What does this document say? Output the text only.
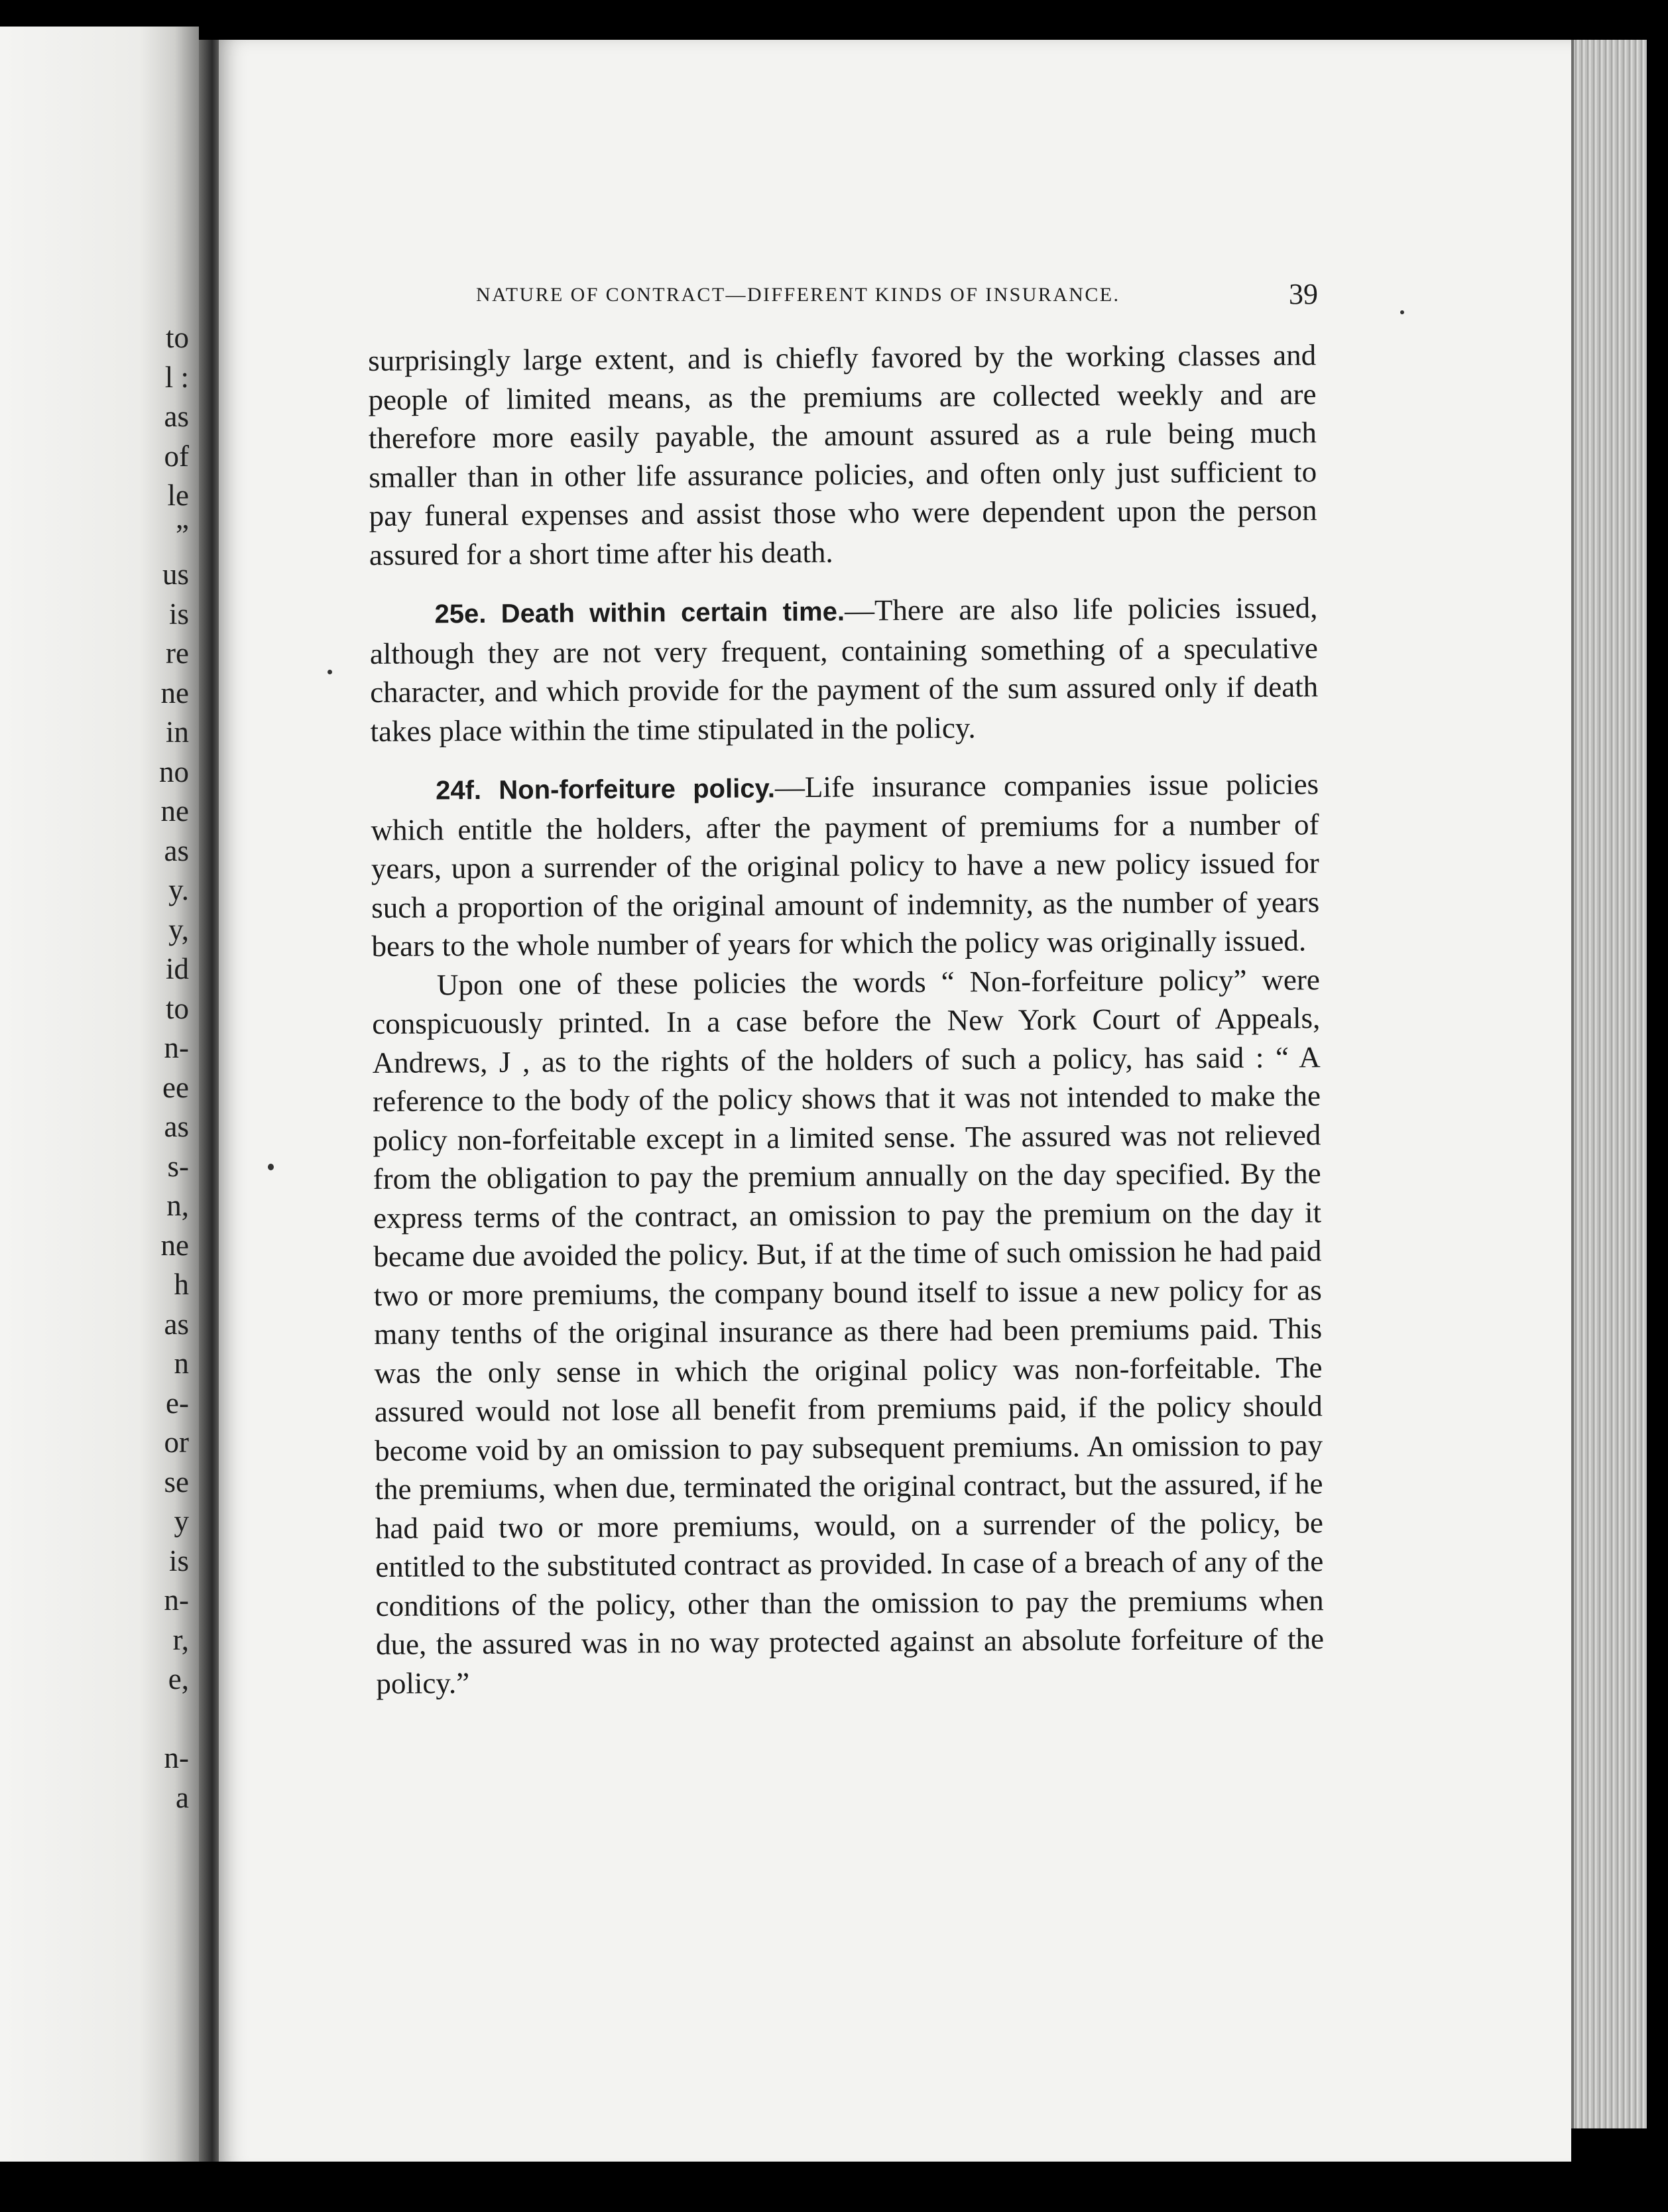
to
l :
as
of
le
”
us
is
re
ne
in
no
ne
as
y.
y,
id
to
n-
ee
as
s-
n,
ne
h
as
n
e-
or
se
y
is
n-
r,
e,
n-
a
NATURE OF CONTRACT—DIFFERENT KINDS OF INSURANCE.	39

surprisingly large extent, and is chiefly favored by the working classes and people of limited means, as the premiums are collected weekly and are therefore more easily payable, the amount assured as a rule being much smaller than in other life assurance policies, and often only just sufficient to pay funeral expenses and assist those who were dependent upon the person assured for a short time after his death.

25e. Death within certain time.—There are also life policies issued, although they are not very frequent, containing something of a speculative character, and which provide for the payment of the sum assured only if death takes place within the time stipulated in the policy.

24f. Non-forfeiture policy.—Life insurance companies issue policies which entitle the holders, after the payment of premiums for a number of years, upon a surrender of the original policy to have a new policy issued for such a proportion of the original amount of indemnity, as the number of years bears to the whole number of years for which the policy was originally issued.

Upon one of these policies the words “ Non-forfeiture policy” were conspicuously printed. In a case before the New York Court of Appeals, Andrews, J , as to the rights of the holders of such a policy, has said : “ A reference to the body of the policy shows that it was not intended to make the policy non-forfeitable except in a limited sense. The assured was not relieved from the obligation to pay the premium annually on the day specified. By the express terms of the contract, an omission to pay the premium on the day it became due avoided the policy. But, if at the time of such omission he had paid two or more premiums, the company bound itself to issue a new policy for as many tenths of the original insurance as there had been premiums paid. This was the only sense in which the original policy was non-forfeitable. The assured would not lose all benefit from premiums paid, if the policy should become void by an omission to pay subsequent premiums. An omission to pay the premiums, when due, terminated the original contract, but the assured, if he had paid two or more premiums, would, on a surrender of the policy, be entitled to the substituted contract as provided. In case of a breach of any of the conditions of the policy, other than the omission to pay the premiums when due, the assured was in no way protected against an absolute forfeiture of the policy.”
